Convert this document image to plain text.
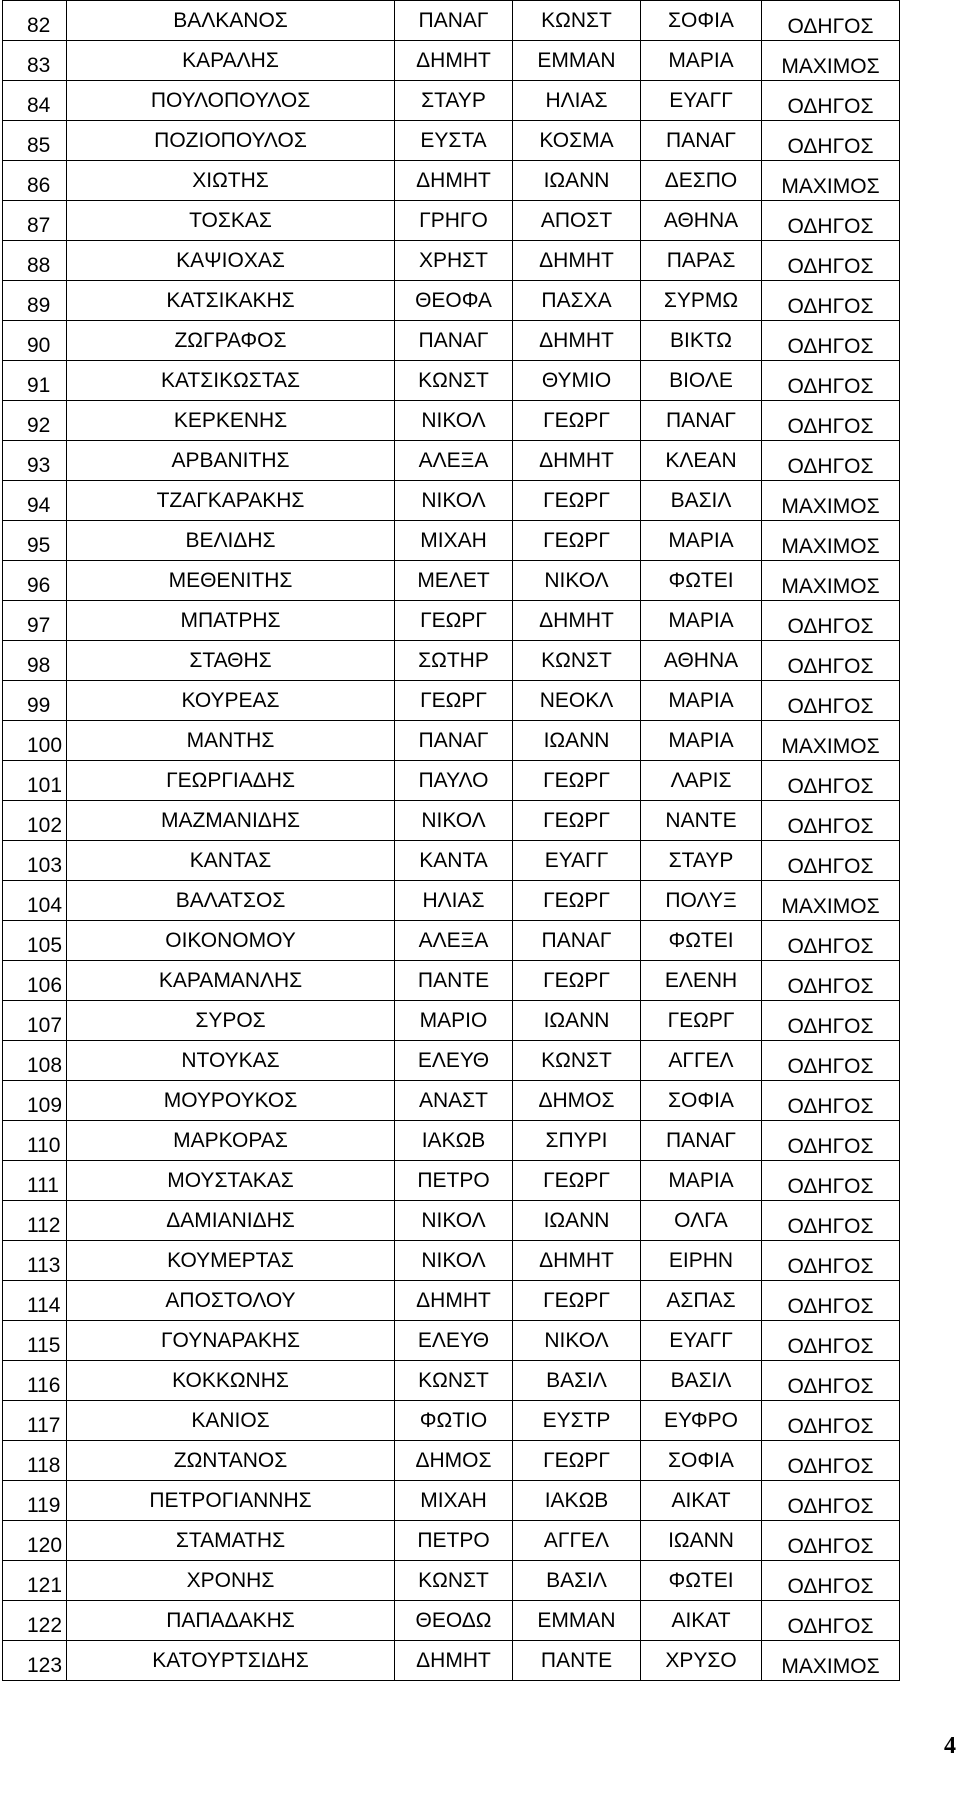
82	ΒΑΛΚΑΝΟΣ	ΠΑΝΑΓ	ΚΩΝΣΤ	ΣΟΦΙΑ	ΟΔΗΓΟΣ
83	ΚΑΡΑΛΗΣ	ΔΗΜΗΤ	ΕΜΜΑΝ	ΜΑΡΙΑ	ΜΑΧΙΜΟΣ
84	ΠΟΥΛΟΠΟΥΛΟΣ	ΣΤΑΥΡ	ΗΛΙΑΣ	ΕΥΑΓΓ	ΟΔΗΓΟΣ
85	ΠΟΖΙΟΠΟΥΛΟΣ	ΕΥΣΤΑ	ΚΟΣΜΑ	ΠΑΝΑΓ	ΟΔΗΓΟΣ
86	ΧΙΩΤΗΣ	ΔΗΜΗΤ	ΙΩΑΝΝ	ΔΕΣΠΟ	ΜΑΧΙΜΟΣ
87	ΤΟΣΚΑΣ	ΓΡΗΓΟ	ΑΠΟΣΤ	ΑΘΗΝΑ	ΟΔΗΓΟΣ
88	ΚΑΨΙΟΧΑΣ	ΧΡΗΣΤ	ΔΗΜΗΤ	ΠΑΡΑΣ	ΟΔΗΓΟΣ
89	ΚΑΤΣΙΚΑΚΗΣ	ΘΕΟΦΑ	ΠΑΣΧΑ	ΣΥΡΜΩ	ΟΔΗΓΟΣ
90	ΖΩΓΡΑΦΟΣ	ΠΑΝΑΓ	ΔΗΜΗΤ	ΒΙΚΤΩ	ΟΔΗΓΟΣ
91	ΚΑΤΣΙΚΩΣΤΑΣ	ΚΩΝΣΤ	ΘΥΜΙΟ	ΒΙΟΛΕ	ΟΔΗΓΟΣ
92	ΚΕΡΚΕΝΗΣ	ΝΙΚΟΛ	ΓΕΩΡΓ	ΠΑΝΑΓ	ΟΔΗΓΟΣ
93	ΑΡΒΑΝΙΤΗΣ	ΑΛΕΞΑ	ΔΗΜΗΤ	ΚΛΕΑΝ	ΟΔΗΓΟΣ
94	ΤΖΑΓΚΑΡΑΚΗΣ	ΝΙΚΟΛ	ΓΕΩΡΓ	ΒΑΣΙΛ	ΜΑΧΙΜΟΣ
95	ΒΕΛΙΔΗΣ	ΜΙΧΑΗ	ΓΕΩΡΓ	ΜΑΡΙΑ	ΜΑΧΙΜΟΣ
96	ΜΕΘΕΝΙΤΗΣ	ΜΕΛΕΤ	ΝΙΚΟΛ	ΦΩΤΕΙ	ΜΑΧΙΜΟΣ
97	ΜΠΑΤΡΗΣ	ΓΕΩΡΓ	ΔΗΜΗΤ	ΜΑΡΙΑ	ΟΔΗΓΟΣ
98	ΣΤΑΘΗΣ	ΣΩΤΗΡ	ΚΩΝΣΤ	ΑΘΗΝΑ	ΟΔΗΓΟΣ
99	ΚΟΥΡΕΑΣ	ΓΕΩΡΓ	ΝΕΟΚΛ	ΜΑΡΙΑ	ΟΔΗΓΟΣ
100	ΜΑΝΤΗΣ	ΠΑΝΑΓ	ΙΩΑΝΝ	ΜΑΡΙΑ	ΜΑΧΙΜΟΣ
101	ΓΕΩΡΓΙΑΔΗΣ	ΠΑΥΛΟ	ΓΕΩΡΓ	ΛΑΡΙΣ	ΟΔΗΓΟΣ
102	ΜΑΖΜΑΝΙΔΗΣ	ΝΙΚΟΛ	ΓΕΩΡΓ	ΝΑΝΤΕ	ΟΔΗΓΟΣ
103	ΚΑΝΤΑΣ	ΚΑΝΤΑ	ΕΥΑΓΓ	ΣΤΑΥΡ	ΟΔΗΓΟΣ
104	ΒΑΛΑΤΣΟΣ	ΗΛΙΑΣ	ΓΕΩΡΓ	ΠΟΛΥΞ	ΜΑΧΙΜΟΣ
105	ΟΙΚΟΝΟΜΟΥ	ΑΛΕΞΑ	ΠΑΝΑΓ	ΦΩΤΕΙ	ΟΔΗΓΟΣ
106	ΚΑΡΑΜΑΝΛΗΣ	ΠΑΝΤΕ	ΓΕΩΡΓ	ΕΛΕΝΗ	ΟΔΗΓΟΣ
107	ΣΥΡΟΣ	ΜΑΡΙΟ	ΙΩΑΝΝ	ΓΕΩΡΓ	ΟΔΗΓΟΣ
108	ΝΤΟΥΚΑΣ	ΕΛΕΥΘ	ΚΩΝΣΤ	ΑΓΓΕΛ	ΟΔΗΓΟΣ
109	ΜΟΥΡΟΥΚΟΣ	ΑΝΑΣΤ	ΔΗΜΟΣ	ΣΟΦΙΑ	ΟΔΗΓΟΣ
110	ΜΑΡΚΟΡΑΣ	ΙΑΚΩΒ	ΣΠΥΡΙ	ΠΑΝΑΓ	ΟΔΗΓΟΣ
111	ΜΟΥΣΤΑΚΑΣ	ΠΕΤΡΟ	ΓΕΩΡΓ	ΜΑΡΙΑ	ΟΔΗΓΟΣ
112	ΔΑΜΙΑΝΙΔΗΣ	ΝΙΚΟΛ	ΙΩΑΝΝ	ΟΛΓΑ	ΟΔΗΓΟΣ
113	ΚΟΥΜΕΡΤΑΣ	ΝΙΚΟΛ	ΔΗΜΗΤ	ΕΙΡΗΝ	ΟΔΗΓΟΣ
114	ΑΠΟΣΤΟΛΟΥ	ΔΗΜΗΤ	ΓΕΩΡΓ	ΑΣΠΑΣ	ΟΔΗΓΟΣ
115	ΓΟΥΝΑΡΑΚΗΣ	ΕΛΕΥΘ	ΝΙΚΟΛ	ΕΥΑΓΓ	ΟΔΗΓΟΣ
116	ΚΟΚΚΩΝΗΣ	ΚΩΝΣΤ	ΒΑΣΙΛ	ΒΑΣΙΛ	ΟΔΗΓΟΣ
117	ΚΑΝΙΟΣ	ΦΩΤΙΟ	ΕΥΣΤΡ	ΕΥΦΡΟ	ΟΔΗΓΟΣ
118	ΖΩΝΤΑΝΟΣ	ΔΗΜΟΣ	ΓΕΩΡΓ	ΣΟΦΙΑ	ΟΔΗΓΟΣ
119	ΠΕΤΡΟΓΙΑΝΝΗΣ	ΜΙΧΑΗ	ΙΑΚΩΒ	ΑΙΚΑΤ	ΟΔΗΓΟΣ
120	ΣΤΑΜΑΤΗΣ	ΠΕΤΡΟ	ΑΓΓΕΛ	ΙΩΑΝΝ	ΟΔΗΓΟΣ
121	ΧΡΟΝΗΣ	ΚΩΝΣΤ	ΒΑΣΙΛ	ΦΩΤΕΙ	ΟΔΗΓΟΣ
122	ΠΑΠΑΔΑΚΗΣ	ΘΕΟΔΩ	ΕΜΜΑΝ	ΑΙΚΑΤ	ΟΔΗΓΟΣ
123	ΚΑΤΟΥΡΤΣΙΔΗΣ	ΔΗΜΗΤ	ΠΑΝΤΕ	ΧΡΥΣΟ	ΜΑΧΙΜΟΣ
4
